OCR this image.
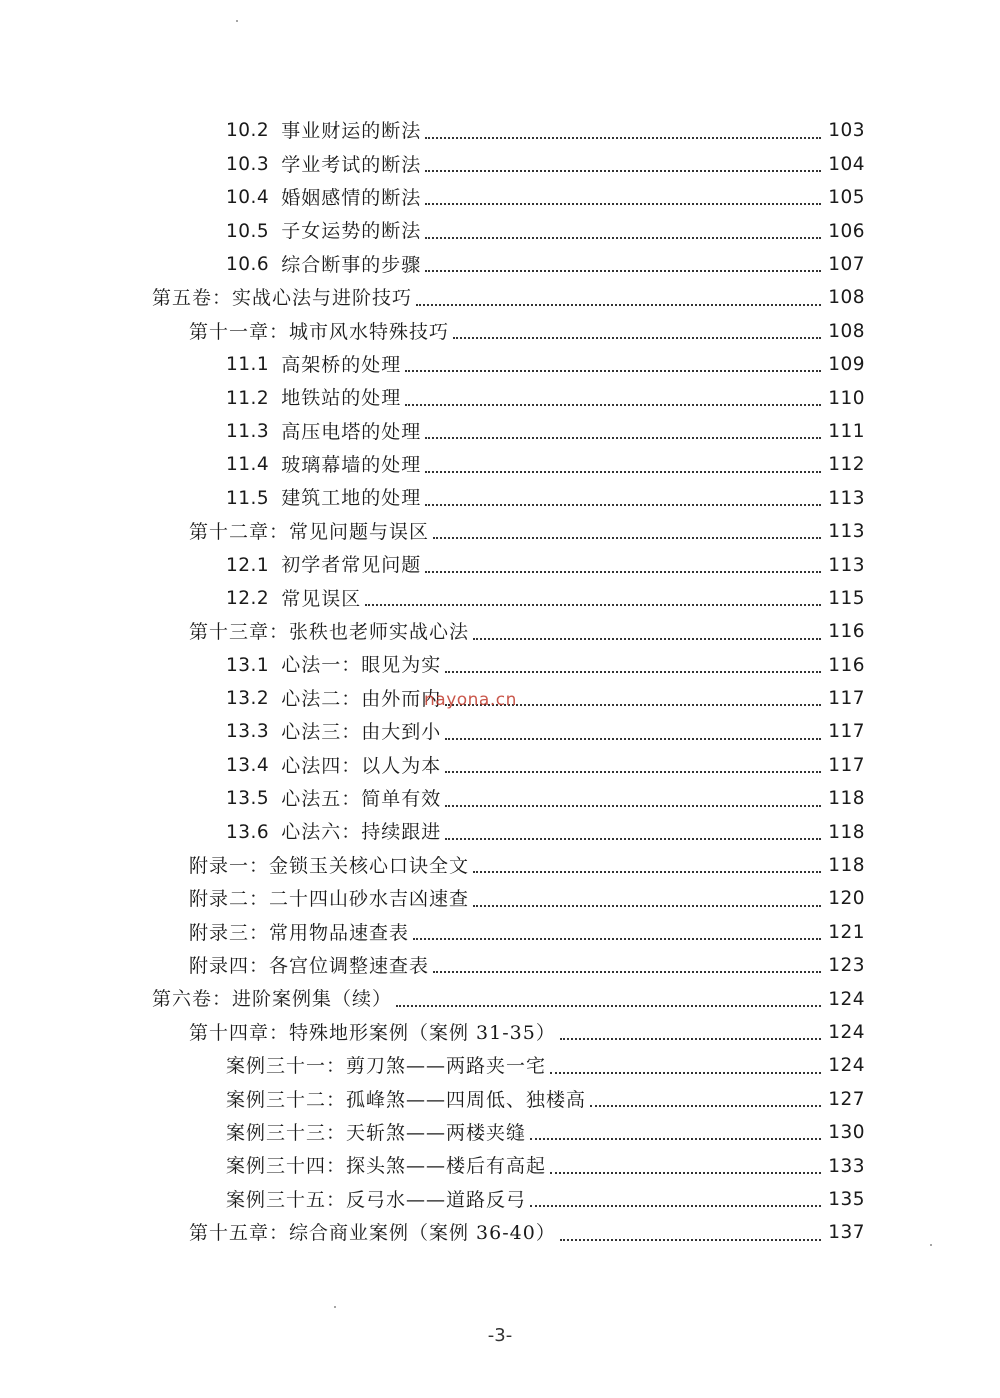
10.2 事业财运的断法	103
10.3 学业考试的断法	104
10.4 婚姻感情的断法	105
10.5 子女运势的断法	106
10.6 综合断事的步骤	107
第五卷：实战心法与进阶技巧	108
第十一章：城市风水特殊技巧	108
11.1 高架桥的处理	109
11.2 地铁站的处理	110
11.3 高压电塔的处理	111
11.4 玻璃幕墙的处理	112
11.5 建筑工地的处理	113
第十二章：常见问题与误区	113
12.1 初学者常见问题	113
12.2 常见误区	115
第十三章：张秩也老师实战心法	116
13.1 心法一：眼见为实	116
13.2 心法二：由外而内	117
13.3 心法三：由大到小	117
13.4 心法四：以人为本	117
13.5 心法五：简单有效	118
13.6 心法六：持续跟进	118
附录一：金锁玉关核心口诀全文	118
附录二：二十四山砂水吉凶速查	120
附录三：常用物品速查表	121
附录四：各宫位调整速查表	123
第六卷：进阶案例集（续）	124
第十四章：特殊地形案例（案例 31-35）	124
案例三十一：剪刀煞——两路夹一宅	124
案例三十二：孤峰煞——四周低、独楼高	127
案例三十三：天斩煞——两楼夹缝	130
案例三十四：探头煞——楼后有高起	133
案例三十五：反弓水——道路反弓	135
第十五章：综合商业案例（案例 36-40）	137
nayona.cn
-3-
